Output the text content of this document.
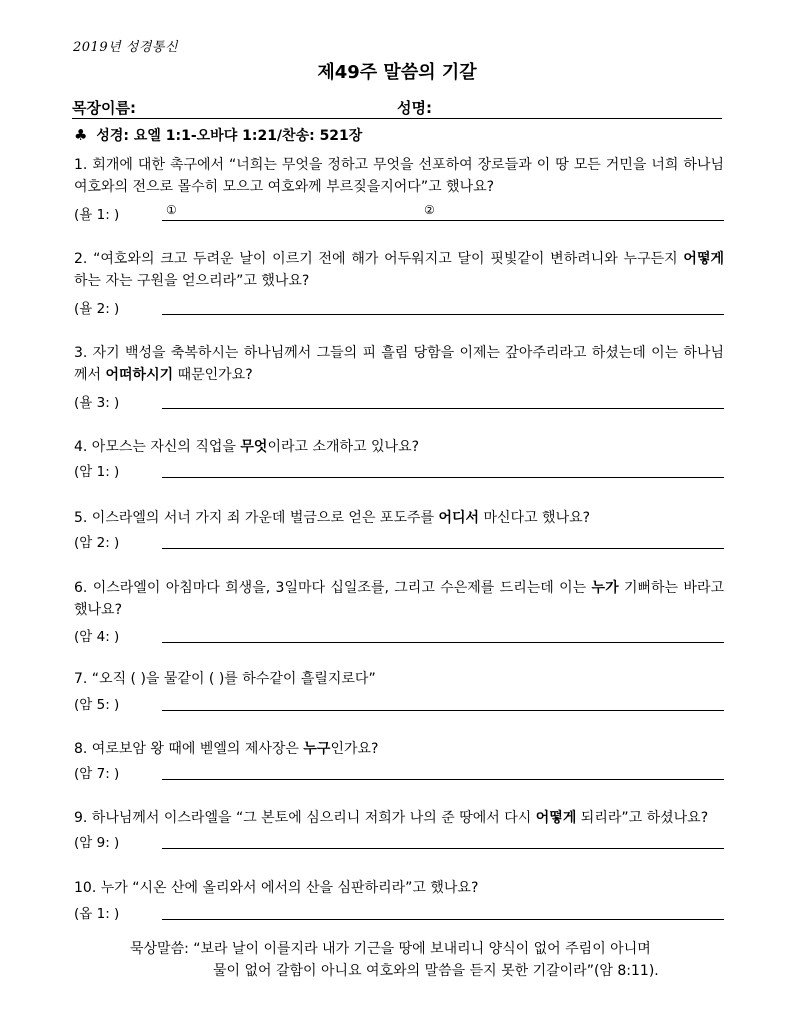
2019년 성경통신
제49주 말씀의 기갈
목장이름:	성명:
♣ 성경: 요엘 1:1-오바댜 1:21/찬송: 521장
1. 회개에 대한 촉구에서 “너희는 무엇을 정하고 무엇을 선포하여 장로들과 이 땅 모든 거민을 너희 하나님 여호와의 전으로 몰수히 모으고 여호와께 부르짖을지어다”고 했나요?
(욜 1: )	①	②
2. “여호와의 크고 두려운 날이 이르기 전에 해가 어두워지고 달이 핏빛같이 변하려니와 누구든지 어떻게 하는 자는 구원을 얻으리라”고 했나요?
(욜 2: )
3. 자기 백성을 축복하시는 하나님께서 그들의 피 흘림 당함을 이제는 갚아주리라고 하셨는데 이는 하나님께서 어떠하시기 때문인가요?
(욜 3: )
4. 아모스는 자신의 직업을 무엇이라고 소개하고 있나요?
(암 1: )
5. 이스라엘의 서너 가지 죄 가운데 벌금으로 얻은 포도주를 어디서 마신다고 했나요?
(암 2: )
6. 이스라엘이 아침마다 희생을, 3일마다 십일조를, 그리고 수은제를 드리는데 이는 누가 기뻐하는 바라고 했나요?
(암 4: )
7. “오직 ( )을 물같이 ( )를 하수같이 흘릴지로다”
(암 5: )
8. 여로보암 왕 때에 벧엘의 제사장은 누구인가요?
(암 7: )
9. 하나님께서 이스라엘을 “그 본토에 심으리니 저희가 나의 준 땅에서 다시 어떻게 되리라”고 하셨나요?
(암 9: )
10. 누가 “시온 산에 올리와서 에서의 산을 심판하리라”고 했나요?
(옵 1: )
묵상말씀: “보라 날이 이를지라 내가 기근을 땅에 보내리니 양식이 없어 주림이 아니며
물이 없어 갈함이 아니요 여호와의 말씀을 듣지 못한 기갈이라”(암 8:11).
